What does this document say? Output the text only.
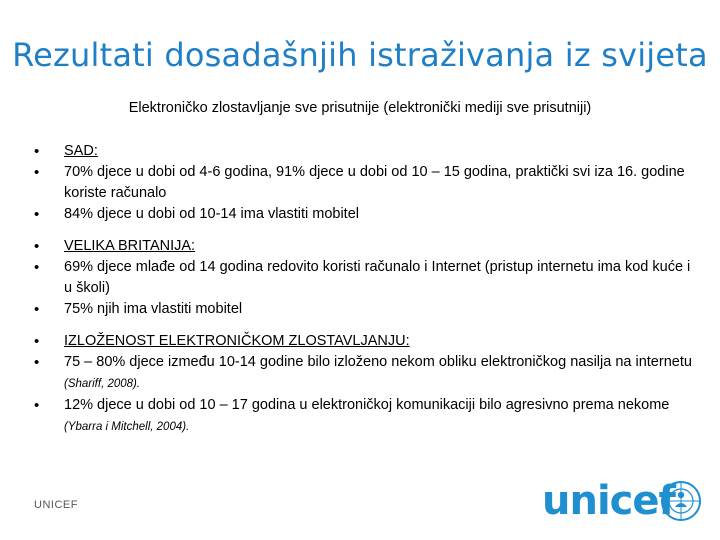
Rezultati dosadašnjih istraživanja iz svijeta
Elektroničko zlostavljanje sve prisutnije (elektronički mediji sve prisutniji)
•	SAD:
•	70% djece u dobi od 4-6 godina, 91% djece u dobi od 10 – 15 godina, praktički svi iza 16. godine koriste računalo
•	84% djece u dobi od 10-14 ima vlastiti mobitel
•	VELIKA BRITANIJA:
•	69% djece mlađe od 14 godina redovito koristi računalo i Internet (pristup internetu ima kod kuće i u školi)
•	75% njih ima vlastiti mobitel
•	IZLOŽENOST ELEKTRONIČKOM ZLOSTAVLJANJU:
•	75 – 80% djece između 10-14 godine bilo izloženo nekom obliku elektroničkog nasilja na internetu (Shariff, 2008).
•	12% djece u dobi od 10 – 17 godina u elektroničkoj komunikaciji bilo agresivno prema nekome (Ybarra i Mitchell, 2004).
UNICEF	unicef
